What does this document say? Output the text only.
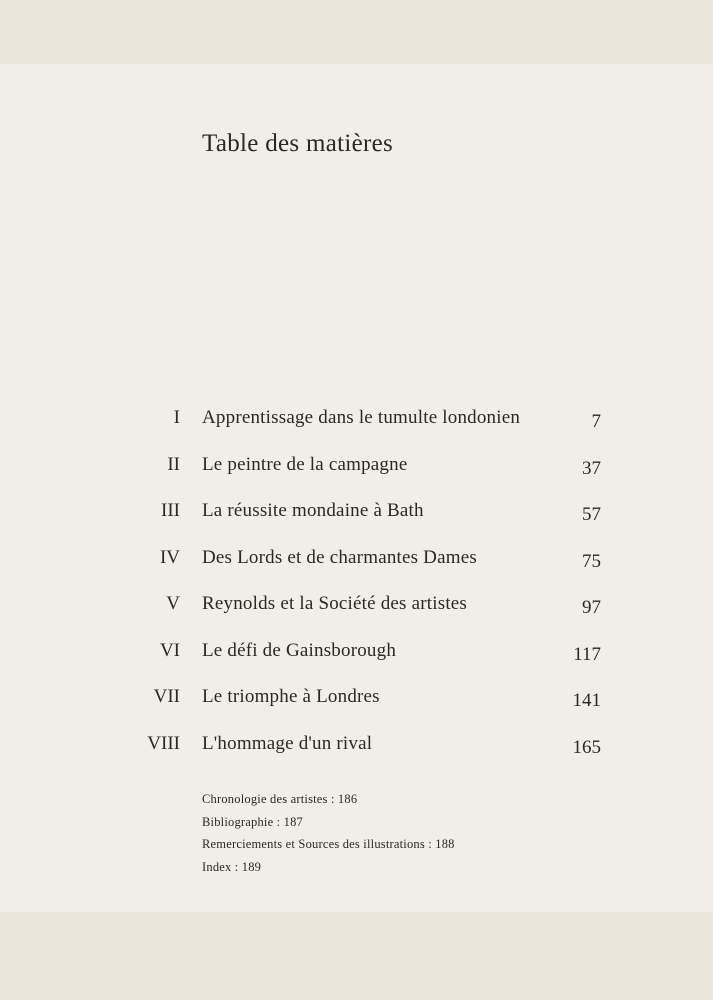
Table des matières
I Apprentissage dans le tumulte londonien	7
II Le peintre de la campagne	37
III La réussite mondaine à Bath	57
IV Des Lords et de charmantes Dames	75
V Reynolds et la Société des artistes	97
VI Le défi de Gainsborough	117
VII Le triomphe à Londres	141
VIII L'hommage d'un rival	165
Chronologie des artistes : 186
Bibliographie : 187
Remerciements et Sources des illustrations : 188
Index : 189
